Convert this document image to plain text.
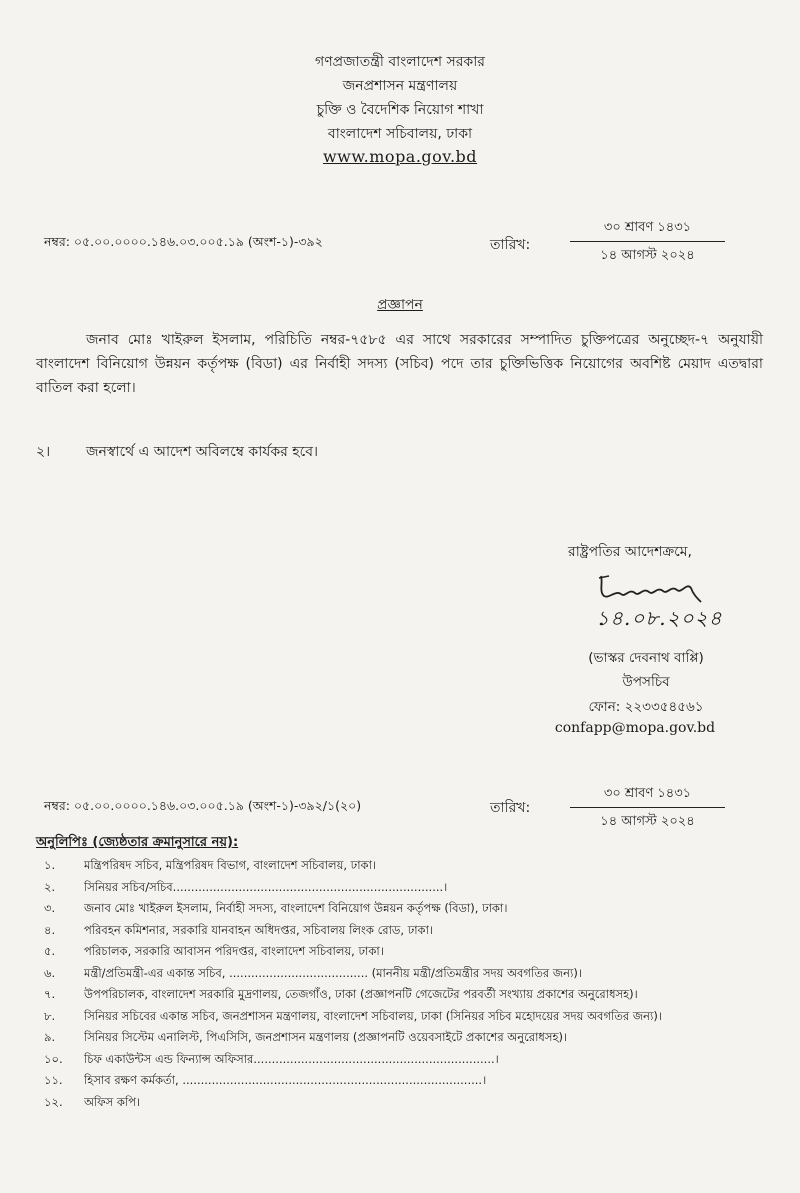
গণপ্রজাতন্ত্রী বাংলাদেশ সরকার
জনপ্রশাসন মন্ত্রণালয়
চুক্তি ও বৈদেশিক নিয়োগ শাখা
বাংলাদেশ সচিবালয়, ঢাকা
www.mopa.gov.bd
নম্বর: ০৫.০০.০০০০.১৪৬.০৩.০০৫.১৯ (অংশ-১)-৩৯২	তারিখ:
৩০ শ্রাবণ ১৪৩১
১৪ আগস্ট ২০২৪
প্রজ্ঞাপন
জনাব মোঃ খাইরুল ইসলাম, পরিচিতি নম্বর-৭৫৮৫ এর সাথে সরকারের সম্পাদিত চুক্তিপত্রের অনুচ্ছেদ-৭ অনুযায়ী বাংলাদেশ বিনিয়োগ উন্নয়ন কর্তৃপক্ষ (বিডা) এর নির্বাহী সদস্য (সচিব) পদে তার চুক্তিভিত্তিক নিয়োগের অবশিষ্ট মেয়াদ এতদ্বারা বাতিল করা হলো।
২।	জনস্বার্থে এ আদেশ অবিলম্বে কার্যকর হবে।
রাষ্ট্রপতির আদেশক্রমে,
১৪.০৮.২০২৪
(ভাস্কর দেবনাথ বাপ্পি)
উপসচিব
ফোন: ২২৩৩৫৪৫৬১
confapp@mopa.gov.bd
নম্বর: ০৫.০০.০০০০.১৪৬.০৩.০০৫.১৯ (অংশ-১)-৩৯২/১(২০)	তারিখ:
৩০ শ্রাবণ ১৪৩১
১৪ আগস্ট ২০২৪
অনুলিপিঃ (জ্যেষ্ঠতার ক্রমানুসারে নয়):
১.	মন্ত্রিপরিষদ সচিব, মন্ত্রিপরিষদ বিভাগ, বাংলাদেশ সচিবালয়, ঢাকা।
২.	সিনিয়র সচিব/সচিব..........................................................................।
৩.	জনাব মোঃ খাইরুল ইসলাম, নির্বাহী সদস্য, বাংলাদেশ বিনিয়োগ উন্নয়ন কর্তৃপক্ষ (বিডা), ঢাকা।
৪.	পরিবহন কমিশনার, সরকারি যানবাহন অধিদপ্তর, সচিবালয় লিংক রোড, ঢাকা।
৫.	পরিচালক, সরকারি আবাসন পরিদপ্তর, বাংলাদেশ সচিবালয়, ঢাকা।
৬.	মন্ত্রী/প্রতিমন্ত্রী-এর একান্ত সচিব, ...................................... (মাননীয় মন্ত্রী/প্রতিমন্ত্রীর সদয় অবগতির জন্য)।
৭.	উপপরিচালক, বাংলাদেশ সরকারি মুদ্রণালয়, তেজগাঁও, ঢাকা (প্রজ্ঞাপনটি গেজেটের পরবর্তী সংখ্যায় প্রকাশের অনুরোধসহ)।
৮.	সিনিয়র সচিবের একান্ত সচিব, জনপ্রশাসন মন্ত্রণালয়, বাংলাদেশ সচিবালয়, ঢাকা (সিনিয়র সচিব মহোদয়ের সদয় অবগতির জন্য)।
৯.	সিনিয়র সিস্টেম এনালিস্ট, পিএসিসি, জনপ্রশাসন মন্ত্রণালয় (প্রজ্ঞাপনটি ওয়েবসাইটে প্রকাশের অনুরোধসহ)।
১০.	চিফ একাউন্টস এন্ড ফিন্যান্স অফিসার..................................................................।
১১.	হিসাব রক্ষণ কর্মকর্তা, ..................................................................................।
১২.	অফিস কপি।
